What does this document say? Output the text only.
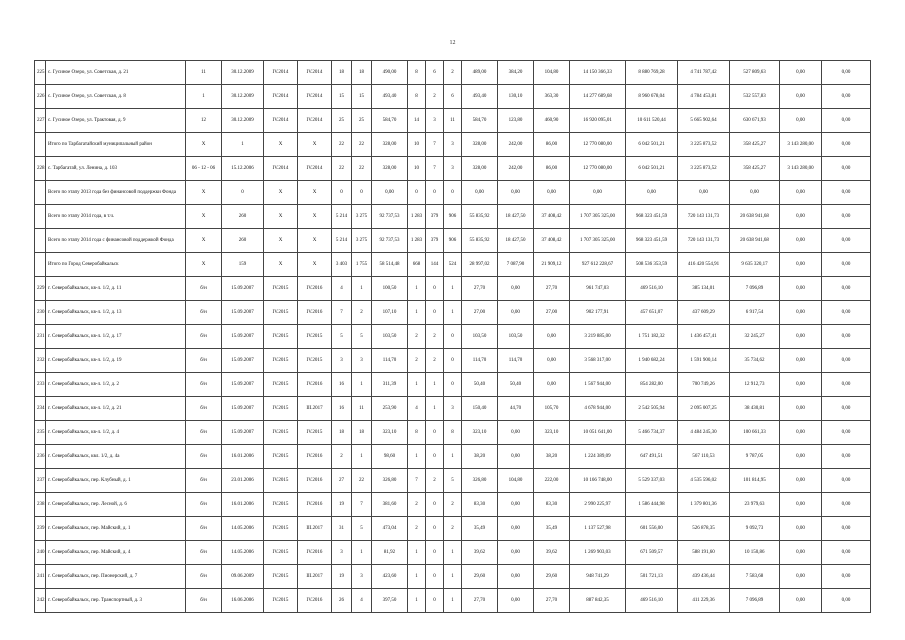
12
225	с. Гусиное Озеро, ул. Советская, д. 21	11	30.12.2009	IV.2014	IV.2014	18	18	490,00	8	6	2	489,00	384,20	104,80	14 150 366,33	8 880 769,28	4 741 787,42	527 809,63	0,00	0,00
226	с. Гусиное Озеро, ул. Советская, д. 8	1	30.12.2009	IV.2014	IV.2014	15	15	493,40	8	2	6	493,40	130,10	363,30	14 277 689,68	8 960 678,04	4 784 453,81	532 557,83	0,00	0,00
227	с. Гусиное Озеро, ул. Трактовая, д. 9	12	30.12.2009	IV.2014	IV.2014	25	25	584,70	14	3	11	584,70	123,80	460,90	16 920 095,01	10 611 520,44	5 665 902,64	630 671,93	0,00	0,00
	Итого по Тарбагатайский муниципальный район	X	1	X	X	22	22	328,00	10	7	3	328,00	242,00	86,00	12 770 080,00	6 042 501,21	3 225 873,52	358 425,27	3 143 280,00	0,00
228	с. Тарбагатай, ул. Ленина, д. 103	06 - 12 - 06	15.12.2006	IV.2014	IV.2014	22	22	328,00	10	7	3	328,00	242,00	86,00	12 770 080,00	6 042 501,21	3 225 873,52	358 425,27	3 143 280,00	0,00
	Всего по этапу 2013 года без финансовой поддержки Фонда	X	0	X	X	0	0	0,00	0	0	0	0,00	0,00	0,00	0,00	0,00	0,00	0,00	0,00	0,00
	Всего по этапу 2014 года, в т.ч.	X	260	X	X	5 214	3 275	92 737,53	1 283	379	906	55 835,92	18 427,50	37 408,42	1 707 305 325,00	968 323 451,59	720 143 131,73	20 638 941,68	0,00	0,00
	Всего по этапу 2014 года с финансовой поддержкой Фонда	X	260	X	X	5 214	3 275	92 737,53	1 283	379	906	55 835,92	18 427,50	37 408,42	1 707 305 325,00	968 323 451,59	720 143 131,73	20 638 941,68	0,00	0,00
	Итого по Город Северобайкальск	X	159	X	X	3 403	1 755	58 514,48	668	144	524	28 997,02	7 087,90	21 909,12	927 612 228,67	508 536 353,59	416 420 554,91	9 635 320,17	0,00	0,00
229	г. Северобайкальск, кв-л. 1/2, д. 11	б/н	15.09.2007	IV.2015	IV.2016	4	1	100,50	1	0	1	27,70	0,00	27,70	961 747,03	469 516,10	385 134,01	7 096,89	0,00	0,00
230	г. Северобайкальск, кв-л. 1/2, д. 13	б/н	15.09.2007	IV.2015	IV.2016	7	2	107,10	1	0	1	27,00	0,00	27,00	902 177,91	457 651,07	437 609,29	6 917,54	0,00	0,00
231	г. Северобайкальск, кв-л. 1/2, д. 17	б/н	15.09.2007	IV.2015	IV.2015	5	5	103,50	2	2	0	103,50	103,50	0,00	3 219 885,00	1 751 182,32	1 436 457,41	32 245,27	0,00	0,00
232	г. Северобайкальск, кв-л. 1/2, д. 19	б/н	15.09.2007	IV.2015	IV.2015	3	3	114,70	2	2	0	114,70	114,70	0,00	3 568 317,00	1 940 682,24	1 591 900,14	35 734,62	0,00	0,00
233	г. Северобайкальск, кв-л. 1/2, д. 2	б/н	15.09.2007	IV.2015	IV.2016	16	1	311,39	1	1	0	50,40	50,40	0,00	1 567 944,00	854 282,00	700 749,26	12 912,73	0,00	0,00
234	г. Северобайкальск, кв-л. 1/2, д. 21	б/н	15.09.2007	IV.2015	III.2017	16	11	253,90	4	1	3	150,40	44,70	105,70	4 678 944,00	2 542 505,94	2 095 007,25	38 430,81	0,00	0,00
235	г. Северобайкальск, кв-л. 1/2, д. 4	б/н	15.09.2007	IV.2015	IV.2015	18	18	323,10	8	0	8	323,10	0,00	323,10	10 051 641,00	5 466 734,37	4 484 245,30	100 661,33	0,00	0,00
236	г. Северобайкальск, квл. 1/2, д. 4а	б/н	16.01.2006	IV.2015	IV.2016	2	1	98,60	1	0	1	38,20	0,00	38,20	1 224 389,09	647 491,51	567 110,53	9 787,05	0,00	0,00
237	г. Северобайкальск, пер. Клубный, д. 1	б/н	23.01.2006	IV.2015	IV.2016	27	22	326,80	7	2	5	326,80	104,80	222,00	10 166 748,00	5 529 337,03	4 535 596,02	101 814,95	0,00	0,00
238	г. Северобайкальск, пер. Лесной, д. 6	б/н	16.01.2006	IV.2015	IV.2016	19	7	381,60	2	0	2	83,30	0,00	83,30	2 990 225,97	1 586 444,98	1 379 801,36	23 979,63	0,00	0,00
239	г. Северобайкальск, пер. Майский, д. 1	б/н	14.05.2006	IV.2015	III.2017	31	5	473,04	2	0	2	35,49	0,00	35,49	1 137 527,98	601 556,00	526 878,35	9 092,73	0,00	0,00
240	г. Северобайкальск, пер. Майский, д. 4	б/н	14.05.2006	IV.2015	IV.2016	3	1	81,92	1	0	1	39,62	0,00	39,62	1 269 903,03	671 509,57	588 191,60	10 150,86	0,00	0,00
241	г. Северобайкальск, пер. Пионерский, д. 7	б/н	09.06.2009	IV.2015	III.2017	19	3	423,60	1	0	1	29,60	0,00	29,60	948 741,29	501 721,13	439 436,44	7 583,68	0,00	0,00
242	г. Северобайкальск, пер. Транспортный, д. 3	б/н	16.06.2006	IV.2015	IV.2016	26	4	397,50	1	0	1	27,70	0,00	27,70	887 842,35	469 516,10	411 229,36	7 096,89	0,00	0,00
